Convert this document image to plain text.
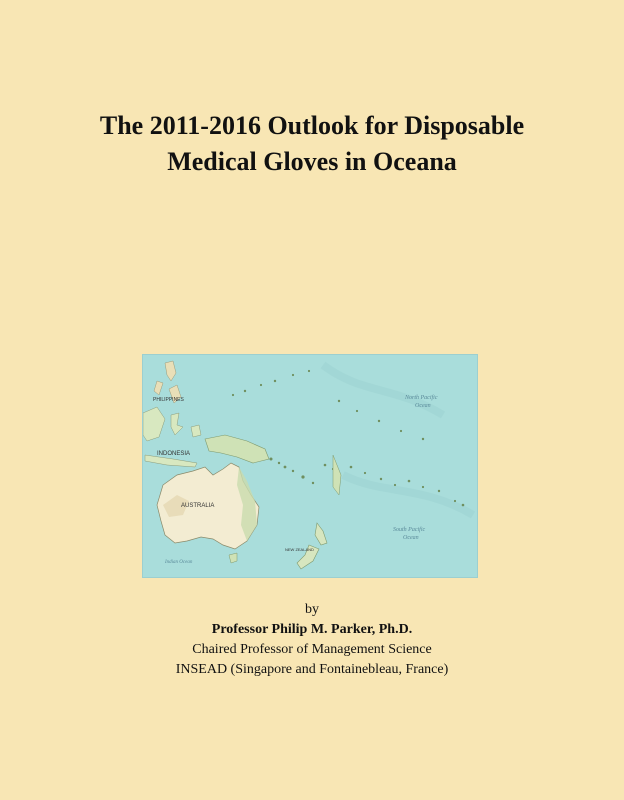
The 2011-2016 Outlook for Disposable
Medical Gloves in Oceana
PHILIPPINES
INDONESIA
AUSTRALIA
North Pacific
Ocean
South Pacific
Ocean
NEW ZEALAND
Indian Ocean
by
Professor Philip M. Parker, Ph.D.
Chaired Professor of Management Science
INSEAD (Singapore and Fontainebleau, France)
